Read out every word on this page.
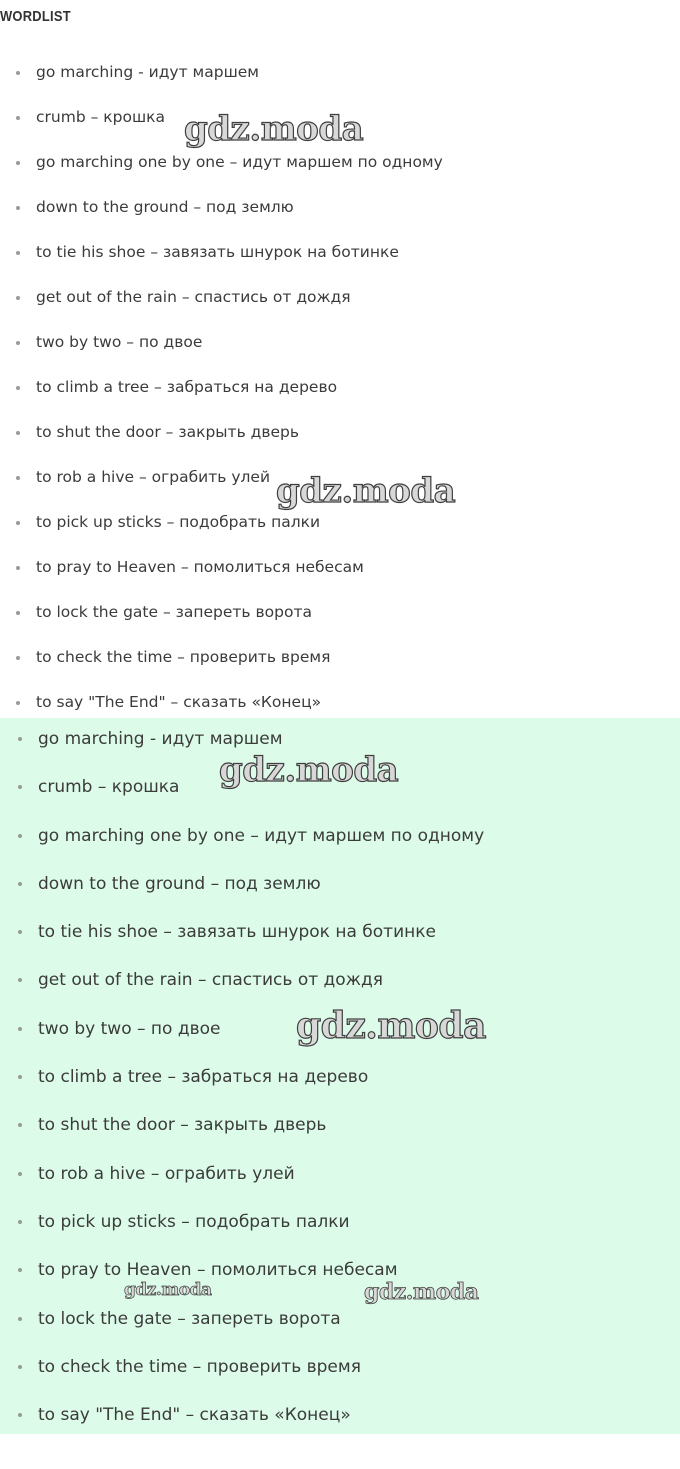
WORDLIST
go marching - идут маршем
crumb – крошка
go marching one by one – идут маршем по одному
down to the ground – под землю
to tie his shoe – завязать шнурок на ботинке
get out of the rain – спастись от дождя
two by two – по двое
to climb a tree – забраться на дерево
to shut the door – закрыть дверь
to rob a hive – ограбить улей
to pick up sticks – подобрать палки
to pray to Heaven – помолиться небесам
to lock the gate – запереть ворота
to check the time – проверить время
to say "The End" – сказать «Конец»
go marching - идут маршем
crumb – крошка
go marching one by one – идут маршем по одному
down to the ground – под землю
to tie his shoe – завязать шнурок на ботинке
get out of the rain – спастись от дождя
two by two – по двое
to climb a tree – забраться на дерево
to shut the door – закрыть дверь
to rob a hive – ограбить улей
to pick up sticks – подобрать палки
to pray to Heaven – помолиться небесам
to lock the gate – запереть ворота
to check the time – проверить время
to say "The End" – сказать «Конец»
gdz.moda
gdz.moda
gdz.moda
gdz.moda
gdz.moda	gdz.moda
